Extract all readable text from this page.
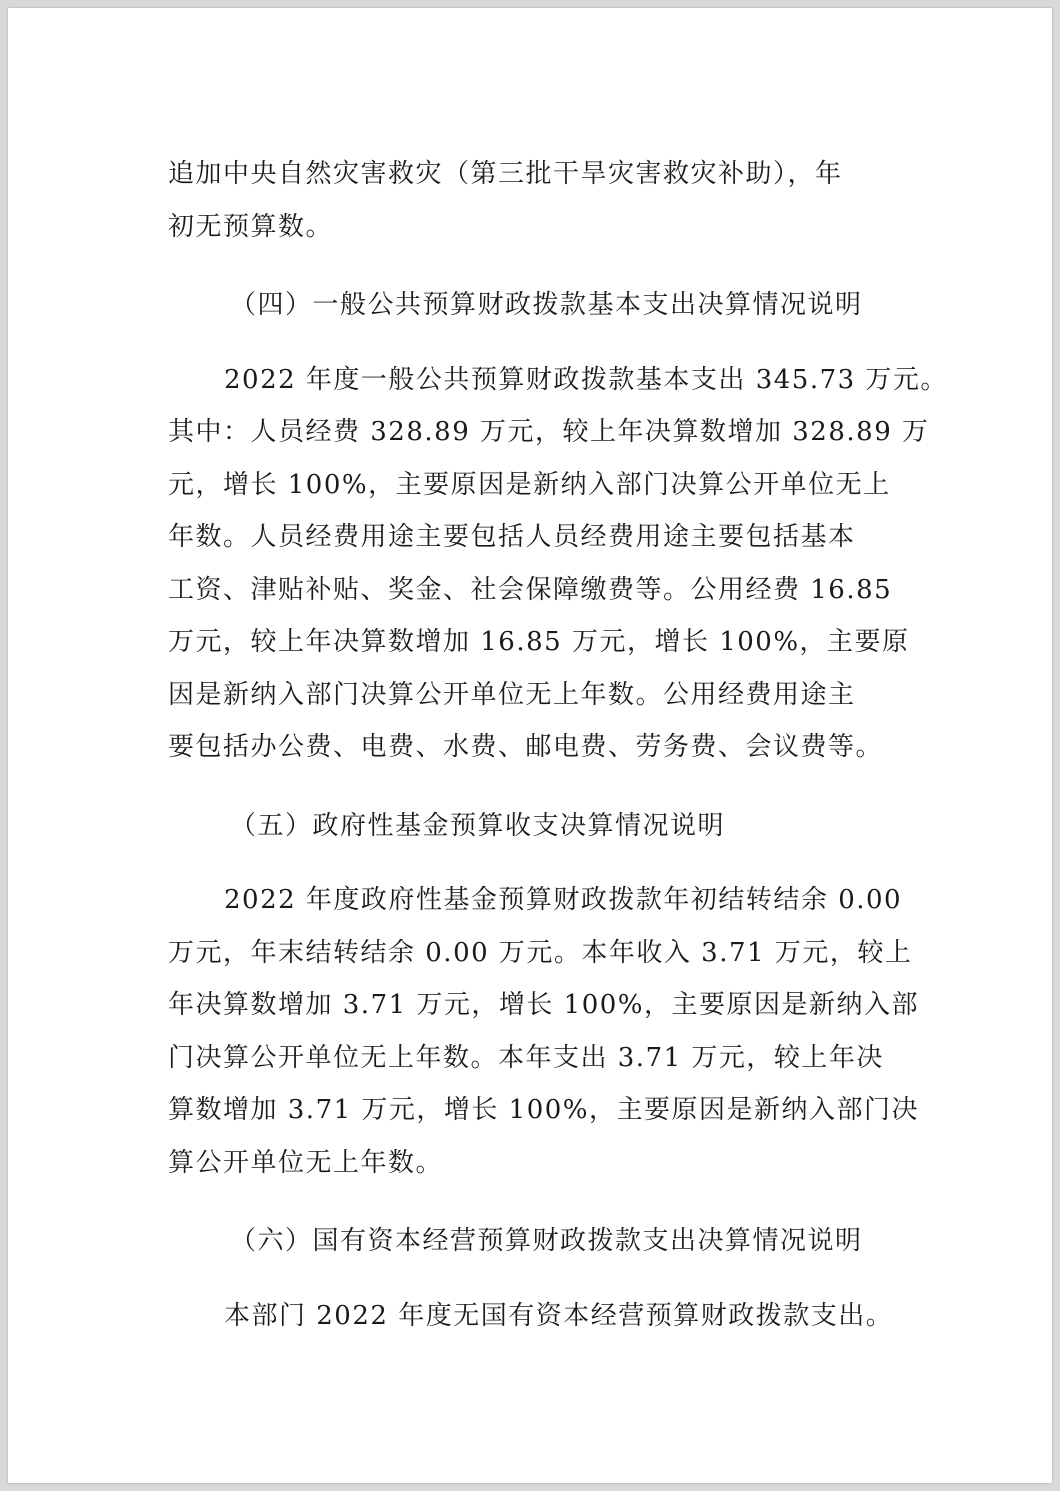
追加中央自然灾害救灾（第三批干旱灾害救灾补助），年
初无预算数。

（四）一般公共预算财政拨款基本支出决算情况说明

2022 年度一般公共预算财政拨款基本支出 345.73 万元。
其中：人员经费 328.89 万元，较上年决算数增加 328.89 万
元，增长 100%，主要原因是新纳入部门决算公开单位无上
年数。人员经费用途主要包括人员经费用途主要包括基本
工资、津贴补贴、奖金、社会保障缴费等。公用经费 16.85
万元，较上年决算数增加 16.85 万元，增长 100%，主要原
因是新纳入部门决算公开单位无上年数。公用经费用途主
要包括办公费、电费、水费、邮电费、劳务费、会议费等。

（五）政府性基金预算收支决算情况说明

2022 年度政府性基金预算财政拨款年初结转结余 0.00
万元，年末结转结余 0.00 万元。本年收入 3.71 万元，较上
年决算数增加 3.71 万元，增长 100%，主要原因是新纳入部
门决算公开单位无上年数。本年支出 3.71 万元，较上年决
算数增加 3.71 万元，增长 100%，主要原因是新纳入部门决
算公开单位无上年数。

（六）国有资本经营预算财政拨款支出决算情况说明

本部门 2022 年度无国有资本经营预算财政拨款支出。
